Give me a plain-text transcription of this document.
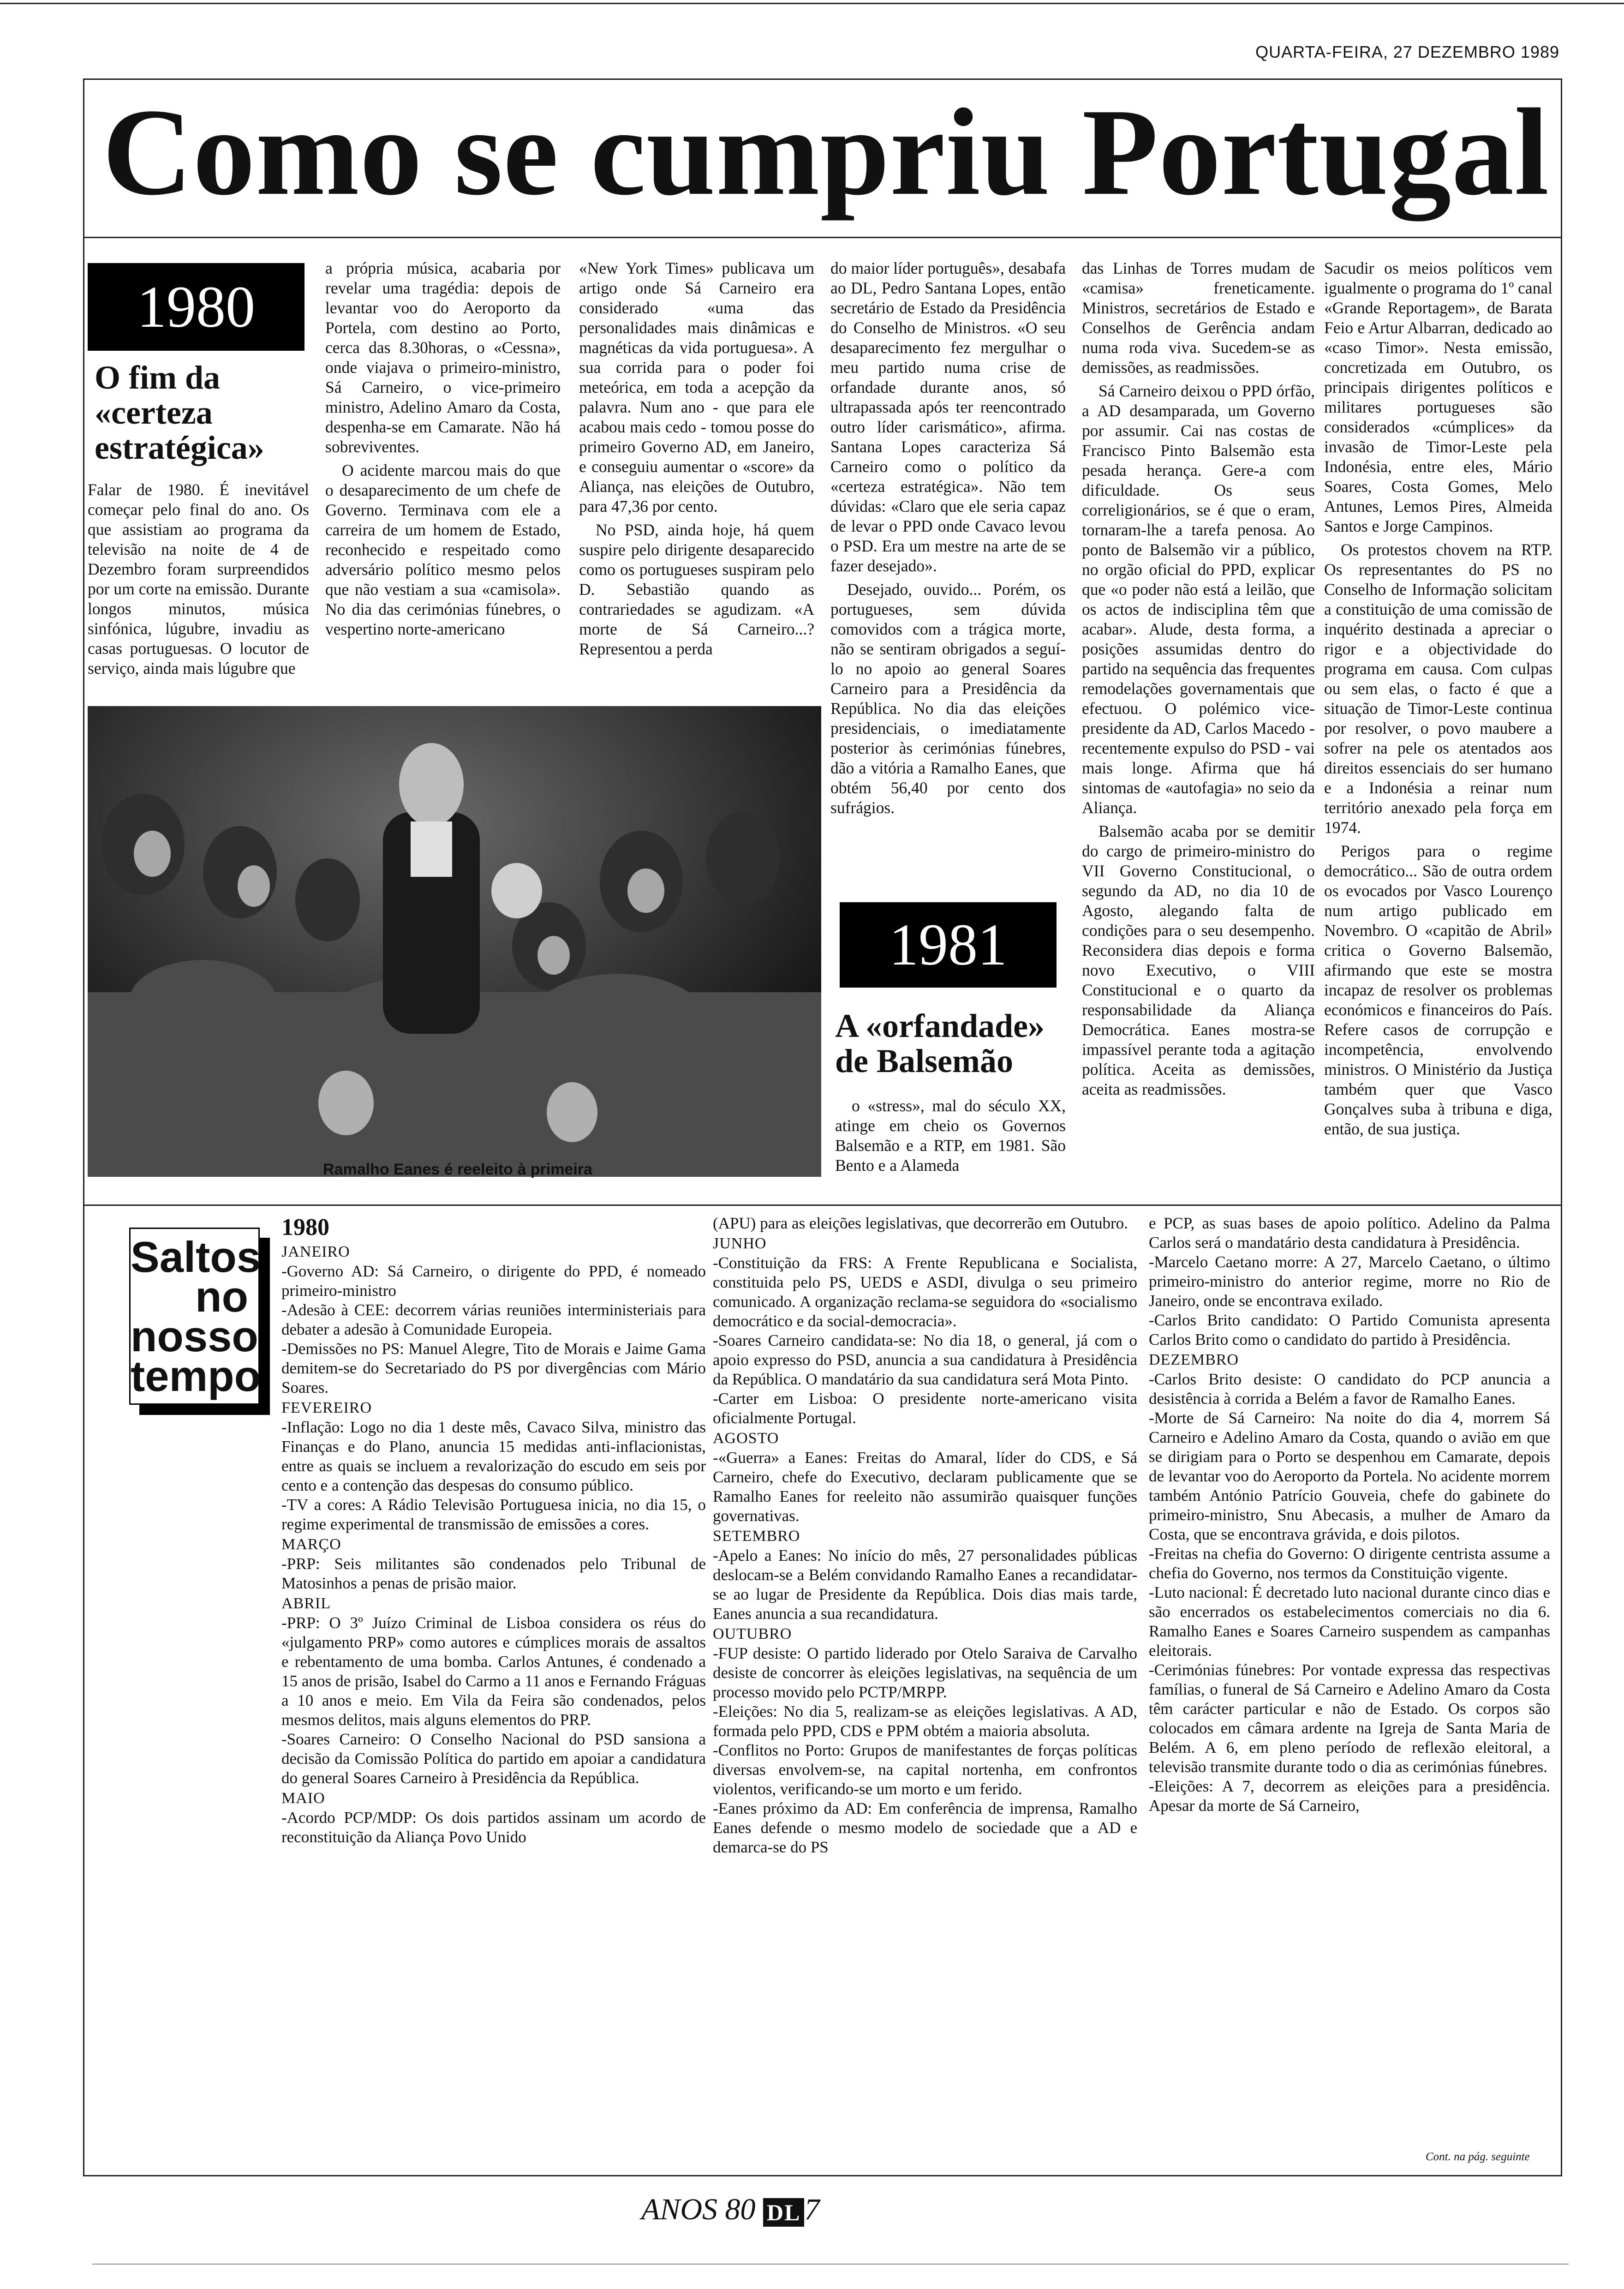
QUARTA-FEIRA, 27 DEZEMBRO 1989
Como se cumpriu Portugal
1980
O fim da «certeza estratégica»

Falar de 1980. É inevitável começar pelo final do ano. Os que assistiam ao programa da televisão na noite de 4 de Dezembro foram surpreendidos por um corte na emissão. Durante longos minutos, música sinfónica, lúgubre, invadiu as casas portuguesas. O locutor de serviço, ainda mais lúgubre que

a própria música, acabaria por revelar uma tragédia: depois de levantar voo do Aeroporto da Portela, com destino ao Porto, cerca das 8.30horas, o «Cessna», onde viajava o primeiro-ministro, Sá Carneiro, o vice-primeiro ministro, Adelino Amaro da Costa, despenha-se em Camarate. Não há sobreviventes.

O acidente marcou mais do que o desaparecimento de um chefe de Governo. Terminava com ele a carreira de um homem de Estado, reconhecido e respeitado como adversário político mesmo pelos que não vestiam a sua «camisola». No dia das cerimónias fúnebres, o vespertino norte-americano

«New York Times» publicava um artigo onde Sá Carneiro era considerado «uma das personalidades mais dinâmicas e magnéticas da vida portuguesa». A sua corrida para o poder foi meteórica, em toda a acepção da palavra. Num ano - que para ele acabou mais cedo - tomou posse do primeiro Governo AD, em Janeiro, e conseguiu aumentar o «score» da Aliança, nas eleições de Outubro, para 47,36 por cento.

No PSD, ainda hoje, há quem suspire pelo dirigente desaparecido como os portugueses suspiram pelo D. Sebastião quando as contrariedades se agudizam. «A morte de Sá Carneiro...? Representou a perda

do maior líder português», desabafa ao DL, Pedro Santana Lopes, então secretário de Estado da Presidência do Conselho de Ministros. «O seu desaparecimento fez mergulhar o meu partido numa crise de orfandade durante anos, só ultrapassada após ter reencontrado outro líder carismático», afirma. Santana Lopes caracteriza Sá Carneiro como o político da «certeza estratégica». Não tem dúvidas: «Claro que ele seria capaz de levar o PPD onde Cavaco levou o PSD. Era um mestre na arte de se fazer desejado».

Desejado, ouvido... Porém, os portugueses, sem dúvida comovidos com a trágica morte, não se sentiram obrigados a seguí-lo no apoio ao general Soares Carneiro para a Presidência da República. No dia das eleições presidenciais, o imediatamente posterior às cerimónias fúnebres, dão a vitória a Ramalho Eanes, que obtém 56,40 por cento dos sufrágios.

Ramalho Eanes é reeleito à primeira
1981
A «orfandade» de Balsemão

o «stress», mal do século XX, atinge em cheio os Governos Balsemão e a RTP, em 1981. São Bento e a Alameda

das Linhas de Torres mudam de «camisa» freneticamente. Ministros, secretários de Estado e Conselhos de Gerência andam numa roda viva. Sucedem-se as demissões, as readmissões.

Sá Carneiro deixou o PPD órfão, a AD desamparada, um Governo por assumir. Cai nas costas de Francisco Pinto Balsemão esta pesada herança. Gere-a com dificuldade. Os seus correligionários, se é que o eram, tornaram-lhe a tarefa penosa. Ao ponto de Balsemão vir a público, no orgão oficial do PPD, explicar que «o poder não está a leilão, que os actos de indisciplina têm que acabar». Alude, desta forma, a posições assumidas dentro do partido na sequência das frequentes remodelações governamentais que efectuou. O polémico vice-presidente da AD, Carlos Macedo - recentemente expulso do PSD - vai mais longe. Afirma que há sintomas de «autofagia» no seio da Aliança.

Balsemão acaba por se demitir do cargo de primeiro-ministro do VII Governo Constitucional, o segundo da AD, no dia 10 de Agosto, alegando falta de condições para o seu desempenho. Reconsidera dias depois e forma novo Executivo, o VIII Constitucional e o quarto da responsabilidade da Aliança Democrática. Eanes mostra-se impassível perante toda a agitação política. Aceita as demissões, aceita as readmissões.

Sacudir os meios políticos vem igualmente o programa do 1º canal «Grande Reportagem», de Barata Feio e Artur Albarran, dedicado ao «caso Timor». Nesta emissão, concretizada em Outubro, os principais dirigentes políticos e militares portugueses são considerados «cúmplices» da invasão de Timor-Leste pela Indonésia, entre eles, Mário Soares, Costa Gomes, Melo Antunes, Lemos Pires, Almeida Santos e Jorge Campinos.

Os protestos chovem na RTP. Os representantes do PS no Conselho de Informação solicitam a constituição de uma comissão de inquérito destinada a apreciar o rigor e a objectividade do programa em causa. Com culpas ou sem elas, o facto é que a situação de Timor-Leste continua por resolver, o povo maubere a sofrer na pele os atentados aos direitos essenciais do ser humano e a Indonésia a reinar num território anexado pela força em 1974.

Perigos para o regime democrático... São de outra ordem os evocados por Vasco Lourenço num artigo publicado em Novembro. O «capitão de Abril» critica o Governo Balsemão, afirmando que este se mostra incapaz de resolver os problemas económicos e financeiros do País. Refere casos de corrupção e incompetência, envolvendo ministros. O Ministério da Justiça também quer que Vasco Gonçalves suba à tribuna e diga, então, de sua justiça.

Saltos
no
nosso
tempo
1980
JANEIRO
-Governo AD: Sá Carneiro, o dirigente do PPD, é nomeado primeiro-ministro
-Adesão à CEE: decorrem várias reuniões interministeriais para debater a adesão à Comunidade Europeia.
-Demissões no PS: Manuel Alegre, Tito de Morais e Jaime Gama demitem-se do Secretariado do PS por divergências com Mário Soares.
FEVEREIRO
-Inflação: Logo no dia 1 deste mês, Cavaco Silva, ministro das Finanças e do Plano, anuncia 15 medidas anti-inflacionistas, entre as quais se incluem a revalorização do escudo em seis por cento e a contenção das despesas do consumo público.
-TV a cores: A Rádio Televisão Portuguesa inicia, no dia 15, o regime experimental de transmissão de emissões a cores.
MARÇO
-PRP: Seis militantes são condenados pelo Tribunal de Matosinhos a penas de prisão maior.
ABRIL
-PRP: O 3º Juízo Criminal de Lisboa considera os réus do «julgamento PRP» como autores e cúmplices morais de assaltos e rebentamento de uma bomba. Carlos Antunes, é condenado a 15 anos de prisão, Isabel do Carmo a 11 anos e Fernando Fráguas a 10 anos e meio. Em Vila da Feira são condenados, pelos mesmos delitos, mais alguns elementos do PRP.
-Soares Carneiro: O Conselho Nacional do PSD sansiona a decisão da Comissão Política do partido em apoiar a candidatura do general Soares Carneiro à Presidência da República.
MAIO
-Acordo PCP/MDP: Os dois partidos assinam um acordo de reconstituição da Aliança Povo Unido
(APU) para as eleições legislativas, que decorrerão em Outubro.
JUNHO
-Constituição da FRS: A Frente Republicana e Socialista, constituida pelo PS, UEDS e ASDI, divulga o seu primeiro comunicado. A organização reclama-se seguidora do «socialismo democrático e da social-democracia».
-Soares Carneiro candidata-se: No dia 18, o general, já com o apoio expresso do PSD, anuncia a sua candidatura à Presidência da República. O mandatário da sua candidatura será Mota Pinto.
-Carter em Lisboa: O presidente norte-americano visita oficialmente Portugal.
AGOSTO
-«Guerra» a Eanes: Freitas do Amaral, líder do CDS, e Sá Carneiro, chefe do Executivo, declaram publicamente que se Ramalho Eanes for reeleito não assumirão quaisquer funções governativas.
SETEMBRO
-Apelo a Eanes: No início do mês, 27 personalidades públicas deslocam-se a Belém convidando Ramalho Eanes a recandidatar-se ao lugar de Presidente da República. Dois dias mais tarde, Eanes anuncia a sua recandidatura.
OUTUBRO
-FUP desiste: O partido liderado por Otelo Saraiva de Carvalho desiste de concorrer às eleições legislativas, na sequência de um processo movido pelo PCTP/MRPP.
-Eleições: No dia 5, realizam-se as eleições legislativas. A AD, formada pelo PPD, CDS e PPM obtém a maioria absoluta.
-Conflitos no Porto: Grupos de manifestantes de forças políticas diversas envolvem-se, na capital nortenha, em confrontos violentos, verificando-se um morto e um ferido.
-Eanes próximo da AD: Em conferência de imprensa, Ramalho Eanes defende o mesmo modelo de sociedade que a AD e demarca-se do PS
e PCP, as suas bases de apoio político. Adelino da Palma Carlos será o mandatário desta candidatura à Presidência.
-Marcelo Caetano morre: A 27, Marcelo Caetano, o último primeiro-ministro do anterior regime, morre no Rio de Janeiro, onde se encontrava exilado.
-Carlos Brito candidato: O Partido Comunista apresenta Carlos Brito como o candidato do partido à Presidência.
DEZEMBRO
-Carlos Brito desiste: O candidato do PCP anuncia a desistência à corrida a Belém a favor de Ramalho Eanes.
-Morte de Sá Carneiro: Na noite do dia 4, morrem Sá Carneiro e Adelino Amaro da Costa, quando o avião em que se dirigiam para o Porto se despenhou em Camarate, depois de levantar voo do Aeroporto da Portela. No acidente morrem também António Patrício Gouveia, chefe do gabinete do primeiro-ministro, Snu Abecasis, a mulher de Amaro da Costa, que se encontrava grávida, e dois pilotos.
-Freitas na chefia do Governo: O dirigente centrista assume a chefia do Governo, nos termos da Constituição vigente.
-Luto nacional: É decretado luto nacional durante cinco dias e são encerrados os estabelecimentos comerciais no dia 6. Ramalho Eanes e Soares Carneiro suspendem as campanhas eleitorais.
-Cerimónias fúnebres: Por vontade expressa das respectivas famílias, o funeral de Sá Carneiro e Adelino Amaro da Costa têm carácter particular e não de Estado. Os corpos são colocados em câmara ardente na Igreja de Santa Maria de Belém. A 6, em pleno período de reflexão eleitoral, a televisão transmite durante todo o dia as cerimónias fúnebres.
-Eleições: A 7, decorrem as eleições para a presidência. Apesar da morte de Sá Carneiro,
Cont. na pág. seguinte
ANOS 80 DL 7
